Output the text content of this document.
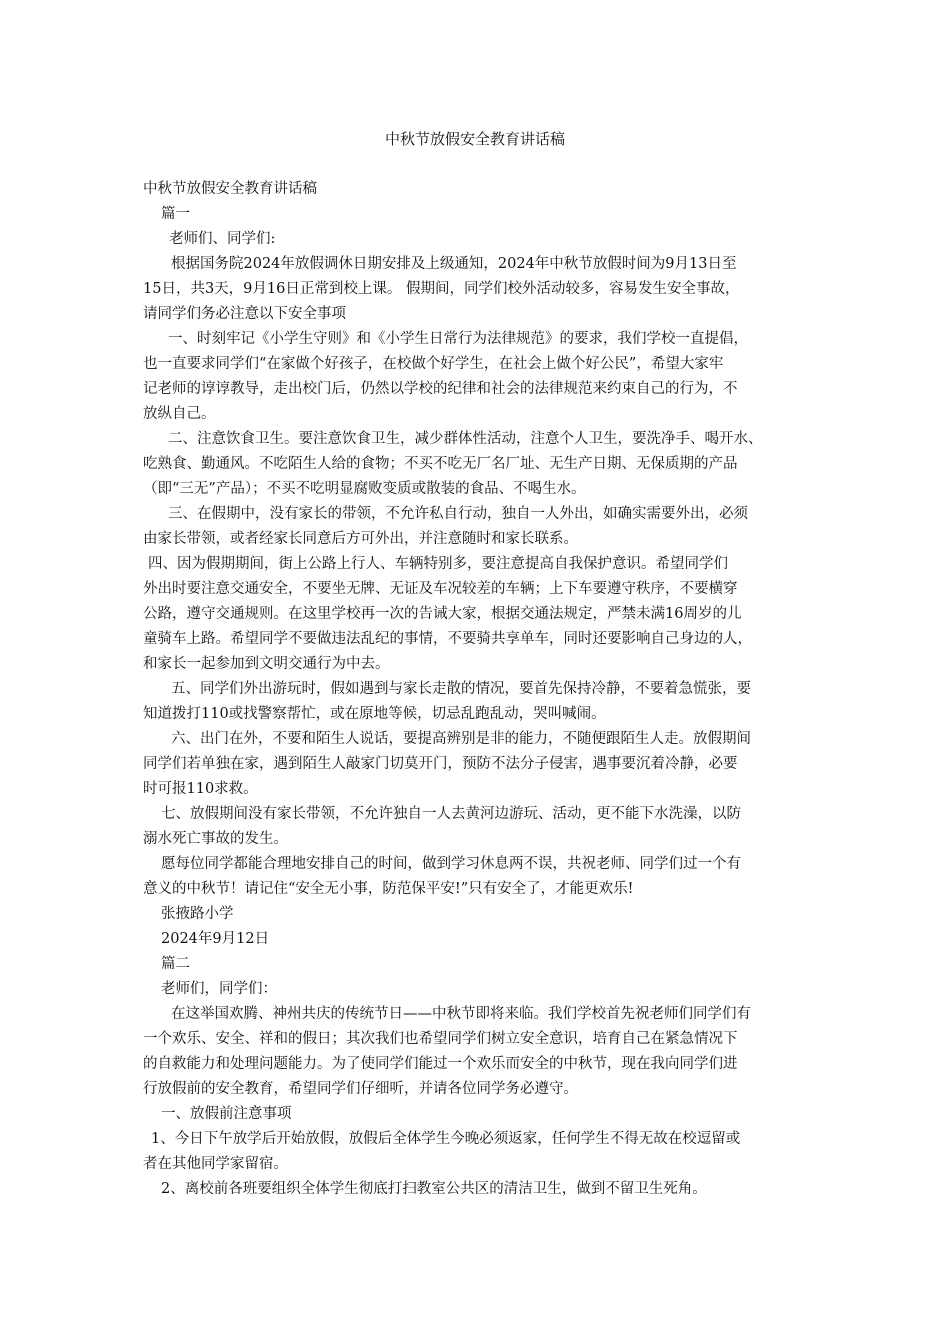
中秋节放假安全教育讲话稿

中秋节放假安全教育讲话稿

篇一

老师们、同学们:

根据国务院2024年放假调休日期安排及上级通知，2024年中秋节放假时间为9月13日至

15日，共3天，9月16日正常到校上课。 假期间，同学们校外活动较多，容易发生安全事故，

请同学们务必注意以下安全事项

一、时刻牢记《小学生守则》和《小学生日常行为法律规范》的要求，我们学校一直提倡，

也一直要求同学们“在家做个好孩子，在校做个好学生，在社会上做个好公民”，希望大家牢

记老师的谆谆教导，走出校门后，仍然以学校的纪律和社会的法律规范来约束自己的行为，不

放纵自己。

二、注意饮食卫生。要注意饮食卫生，减少群体性活动，注意个人卫生，要洗净手、喝开水、

吃熟食、勤通风。不吃陌生人给的食物；不买不吃无厂名厂址、无生产日期、无保质期的产品

（即“三无”产品）；不买不吃明显腐败变质或散装的食品、不喝生水。

三、在假期中，没有家长的带领，不允许私自行动，独自一人外出，如确实需要外出，必须

由家长带领，或者经家长同意后方可外出，并注意随时和家长联系。

四、因为假期期间，街上公路上行人、车辆特别多，要注意提高自我保护意识。希望同学们

外出时要注意交通安全，不要坐无牌、无证及车况较差的车辆；上下车要遵守秩序，不要横穿

公路，遵守交通规则。在这里学校再一次的告诫大家，根据交通法规定，严禁未满16周岁的儿

童骑车上路。希望同学不要做违法乱纪的事情，不要骑共享单车，同时还要影响自己身边的人，

和家长一起参加到文明交通行为中去。

五、同学们外出游玩时，假如遇到与家长走散的情况，要首先保持冷静，不要着急慌张，要

知道拨打110或找警察帮忙，或在原地等候，切忌乱跑乱动，哭叫喊闹。

六、出门在外，不要和陌生人说话，要提高辨别是非的能力，不随便跟陌生人走。放假期间

同学们若单独在家，遇到陌生人敲家门切莫开门，预防不法分子侵害，遇事要沉着冷静，必要

时可报110求救。

七、放假期间没有家长带领，不允许独自一人去黄河边游玩、活动，更不能下水洗澡，以防

溺水死亡事故的发生。

愿每位同学都能合理地安排自己的时间，做到学习休息两不误，共祝老师、同学们过一个有

意义的中秋节！请记住“安全无小事，防范保平安!”只有安全了，才能更欢乐!

张掖路小学

2024年9月12日

篇二

老师们，同学们：

在这举国欢腾、神州共庆的传统节日——中秋节即将来临。我们学校首先祝老师们同学们有

一个欢乐、安全、祥和的假日；其次我们也希望同学们树立安全意识，培育自己在紧急情况下

的自救能力和处理问题能力。为了使同学们能过一个欢乐而安全的中秋节，现在我向同学们进

行放假前的安全教育，希望同学们仔细听，并请各位同学务必遵守。

一、放假前注意事项

1、今日下午放学后开始放假，放假后全体学生今晚必须返家，任何学生不得无故在校逗留或

者在其他同学家留宿。

2、离校前各班要组织全体学生彻底打扫教室公共区的清洁卫生，做到不留卫生死角。
